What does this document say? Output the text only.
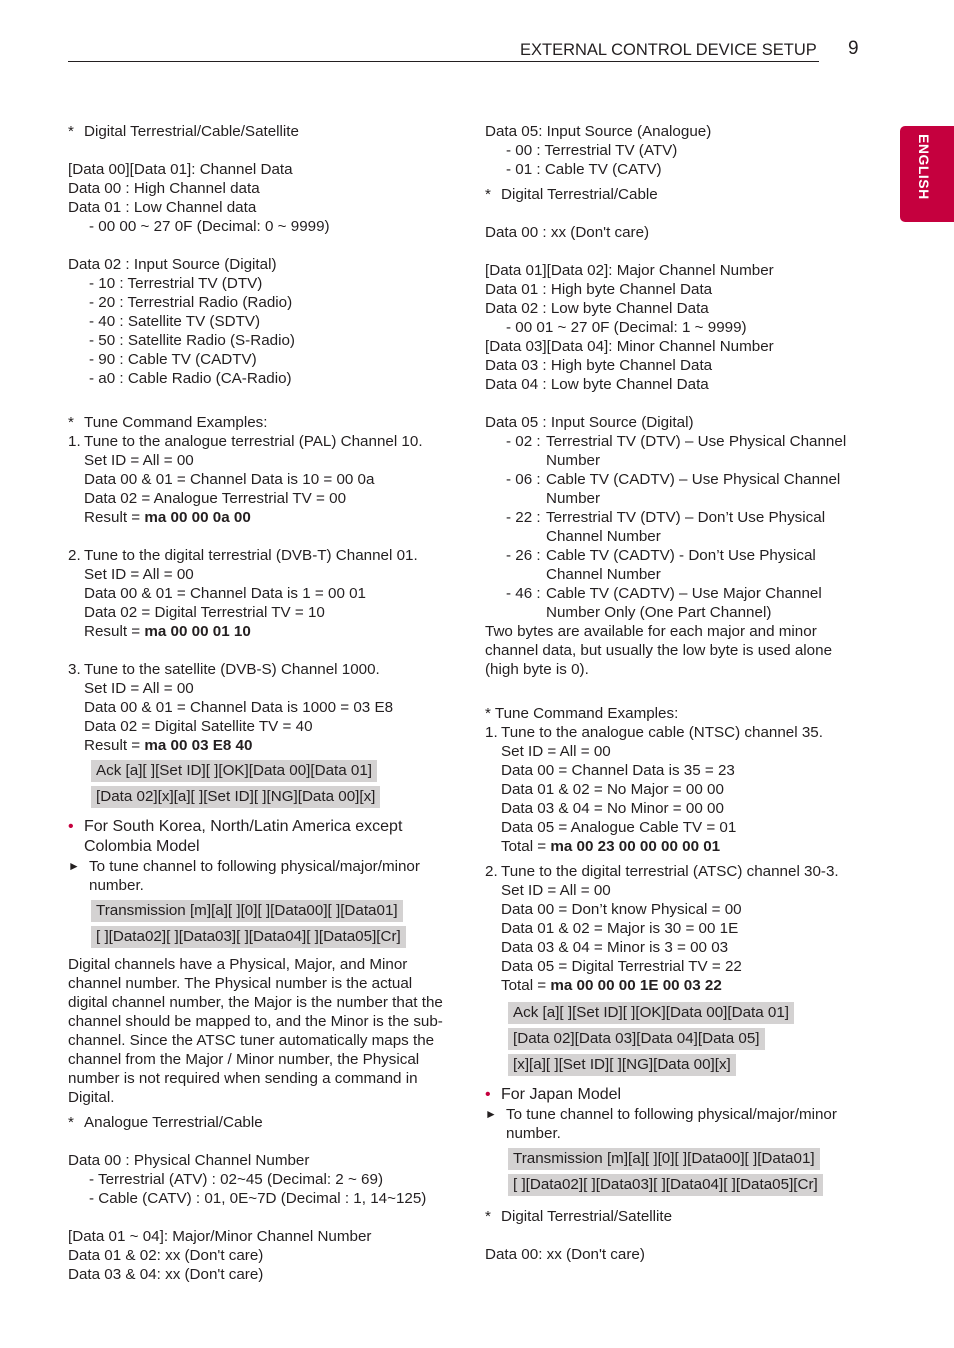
EXTERNAL CONTROL DEVICE SETUP 9
ENGLISH
* Digital Terrestrial/Cable/Satellite
[Data 00][Data 01]: Channel Data
Data 00 : High Channel data
Data 01 : Low Channel data
- 00 00 ~ 27 0F (Decimal: 0 ~ 9999)
Data 02 : Input Source (Digital)
- 10 : Terrestrial TV (DTV)
- 20 : Terrestrial Radio (Radio)
- 40 : Satellite TV (SDTV)
- 50 : Satellite Radio (S-Radio)
- 90 : Cable TV (CADTV)
- a0 : Cable Radio (CA-Radio)
* Tune Command Examples:
1. Tune to the analogue terrestrial (PAL) Channel 10.
Set ID = All = 00
Data 00 & 01 = Channel Data is 10 = 00 0a
Data 02 = Analogue Terrestrial TV = 00
Result = ma 00 00 0a 00
2. Tune to the digital terrestrial (DVB-T) Channel 01.
Set ID = All = 00
Data 00 & 01 = Channel Data is 1 = 00 01
Data 02 = Digital Terrestrial TV = 10
Result = ma 00 00 01 10
3. Tune to the satellite (DVB-S) Channel 1000.
Set ID = All = 00
Data 00 & 01 = Channel Data is 1000 = 03 E8
Data 02 = Digital Satellite TV = 40
Result = ma 00 03 E8 40
Ack [a][ ][Set ID][ ][OK][Data 00][Data 01]
[Data 02][x][a][ ][Set ID][ ][NG][Data 00][x]
• For South Korea, North/Latin America except Colombia Model
► To tune channel to following physical/major/minor number.
Transmission [m][a][ ][0][ ][Data00][ ][Data01]
[ ][Data02][ ][Data03][ ][Data04][ ][Data05][Cr]
Digital channels have a Physical, Major, and Minor channel number. The Physical number is the actual digital channel number, the Major is the number that the channel should be mapped to, and the Minor is the sub-channel. Since the ATSC tuner automatically maps the channel from the Major / Minor number, the Physical number is not required when sending a command in Digital.
* Analogue Terrestrial/Cable
Data 00 : Physical Channel Number
- Terrestrial (ATV) : 02~45 (Decimal: 2 ~ 69)
- Cable (CATV) : 01, 0E~7D (Decimal : 1, 14~125)
[Data 01 ~ 04]: Major/Minor Channel Number
Data 01 & 02: xx (Don't care)
Data 03 & 04: xx (Don't care)
Data 05: Input Source (Analogue)
- 00 : Terrestrial TV (ATV)
- 01 : Cable TV (CATV)
* Digital Terrestrial/Cable
Data 00 : xx (Don't care)
[Data 01][Data 02]: Major Channel Number
Data 01 : High byte Channel Data
Data 02 : Low byte Channel Data
- 00 01 ~ 27 0F (Decimal: 1 ~ 9999)
[Data 03][Data 04]: Minor Channel Number
Data 03 : High byte Channel Data
Data 04 : Low byte Channel Data
Data 05 : Input Source (Digital)
- 02 : Terrestrial TV (DTV) – Use Physical Channel Number
- 06 : Cable TV (CADTV) – Use Physical Channel Number
- 22 : Terrestrial TV (DTV) – Don’t Use Physical Channel Number
- 26 : Cable TV (CADTV) - Don’t Use Physical Channel Number
- 46 : Cable TV (CADTV) – Use Major Channel Number Only (One Part Channel)
Two bytes are available for each major and minor channel data, but usually the low byte is used alone (high byte is 0).
* Tune Command Examples:
1. Tune to the analogue cable (NTSC) channel 35.
Set ID = All = 00
Data 00 = Channel Data is 35 = 23
Data 01 & 02 = No Major = 00 00
Data 03 & 04 = No Minor = 00 00
Data 05 = Analogue Cable TV = 01
Total = ma 00 23 00 00 00 00 01
2. Tune to the digital terrestrial (ATSC) channel 30-3.
Set ID = All = 00
Data 00 = Don’t know Physical = 00
Data 01 & 02 = Major is 30 = 00 1E
Data 03 & 04 = Minor is 3 = 00 03
Data 05 = Digital Terrestrial TV = 22
Total = ma 00 00 00 1E 00 03 22
Ack [a][ ][Set ID][ ][OK][Data 00][Data 01]
[Data 02][Data 03][Data 04][Data 05]
[x][a][ ][Set ID][ ][NG][Data 00][x]
• For Japan Model
► To tune channel to following physical/major/minor number.
Transmission [m][a][ ][0][ ][Data00][ ][Data01]
[ ][Data02][ ][Data03][ ][Data04][ ][Data05][Cr]
* Digital Terrestrial/Satellite
Data 00: xx (Don't care)
